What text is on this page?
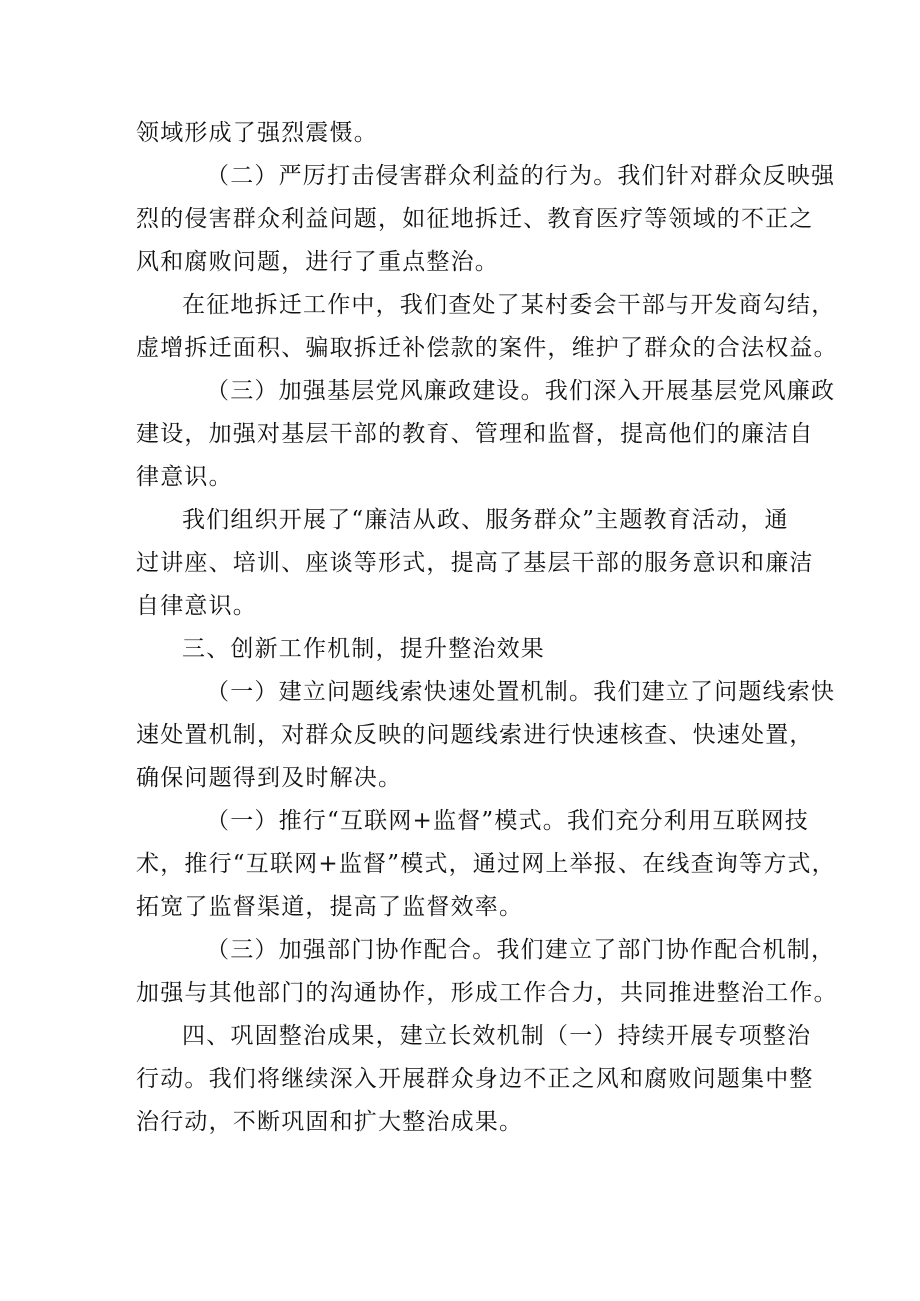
领域形成了强烈震慑。
（二）严厉打击侵害群众利益的行为。我们针对群众反映强
烈的侵害群众利益问题，如征地拆迁、教育医疗等领域的不正之
风和腐败问题，进行了重点整治。
在征地拆迁工作中，我们查处了某村委会干部与开发商勾结，
虚增拆迁面积、骗取拆迁补偿款的案件，维护了群众的合法权益。
（三）加强基层党风廉政建设。我们深入开展基层党风廉政
建设，加强对基层干部的教育、管理和监督，提高他们的廉洁自
律意识。
我们组织开展了“廉洁从政、服务群众”主题教育活动，通
过讲座、培训、座谈等形式，提高了基层干部的服务意识和廉洁
自律意识。
三、创新工作机制，提升整治效果
（一）建立问题线索快速处置机制。我们建立了问题线索快
速处置机制，对群众反映的问题线索进行快速核查、快速处置，
确保问题得到及时解决。
（一）推行“互联网+监督”模式。我们充分利用互联网技
术，推行“互联网+监督”模式，通过网上举报、在线查询等方式，
拓宽了监督渠道，提高了监督效率。
（三）加强部门协作配合。我们建立了部门协作配合机制，
加强与其他部门的沟通协作，形成工作合力，共同推进整治工作。
四、巩固整治成果，建立长效机制（一）持续开展专项整治
行动。我们将继续深入开展群众身边不正之风和腐败问题集中整
治行动，不断巩固和扩大整治成果。
